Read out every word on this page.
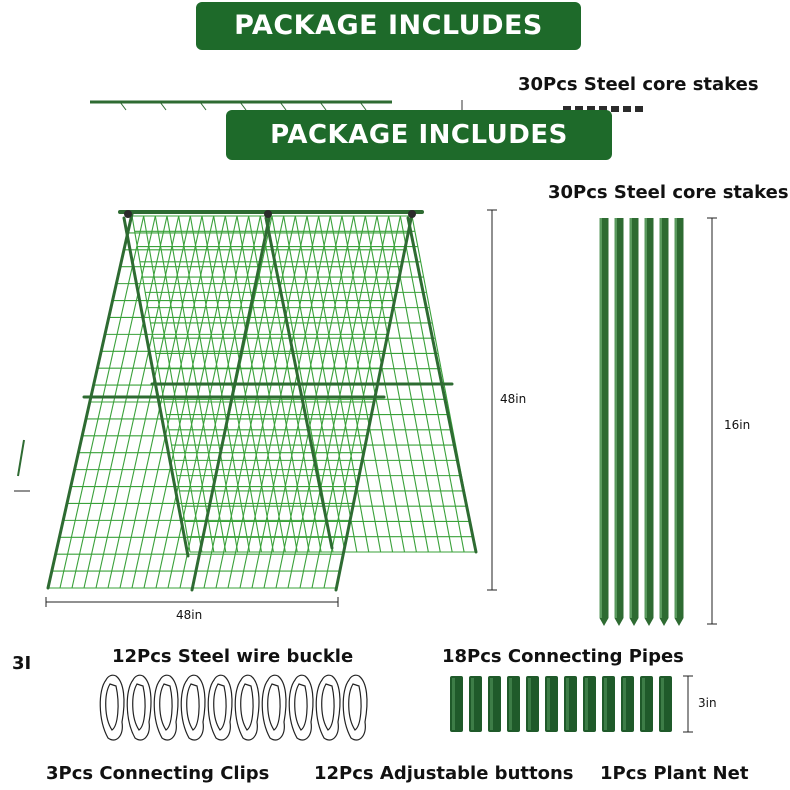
PACKAGE INCLUDES
30Pcs Steel core stakes
PACKAGE INCLUDES
30Pcs Steel core stakes
48in
48in
16in
3I	12Pcs Steel wire buckle	18Pcs Connecting Pipes
3in
3Pcs Connecting Clips 12Pcs Adjustable buttons 1Pcs Plant Net
